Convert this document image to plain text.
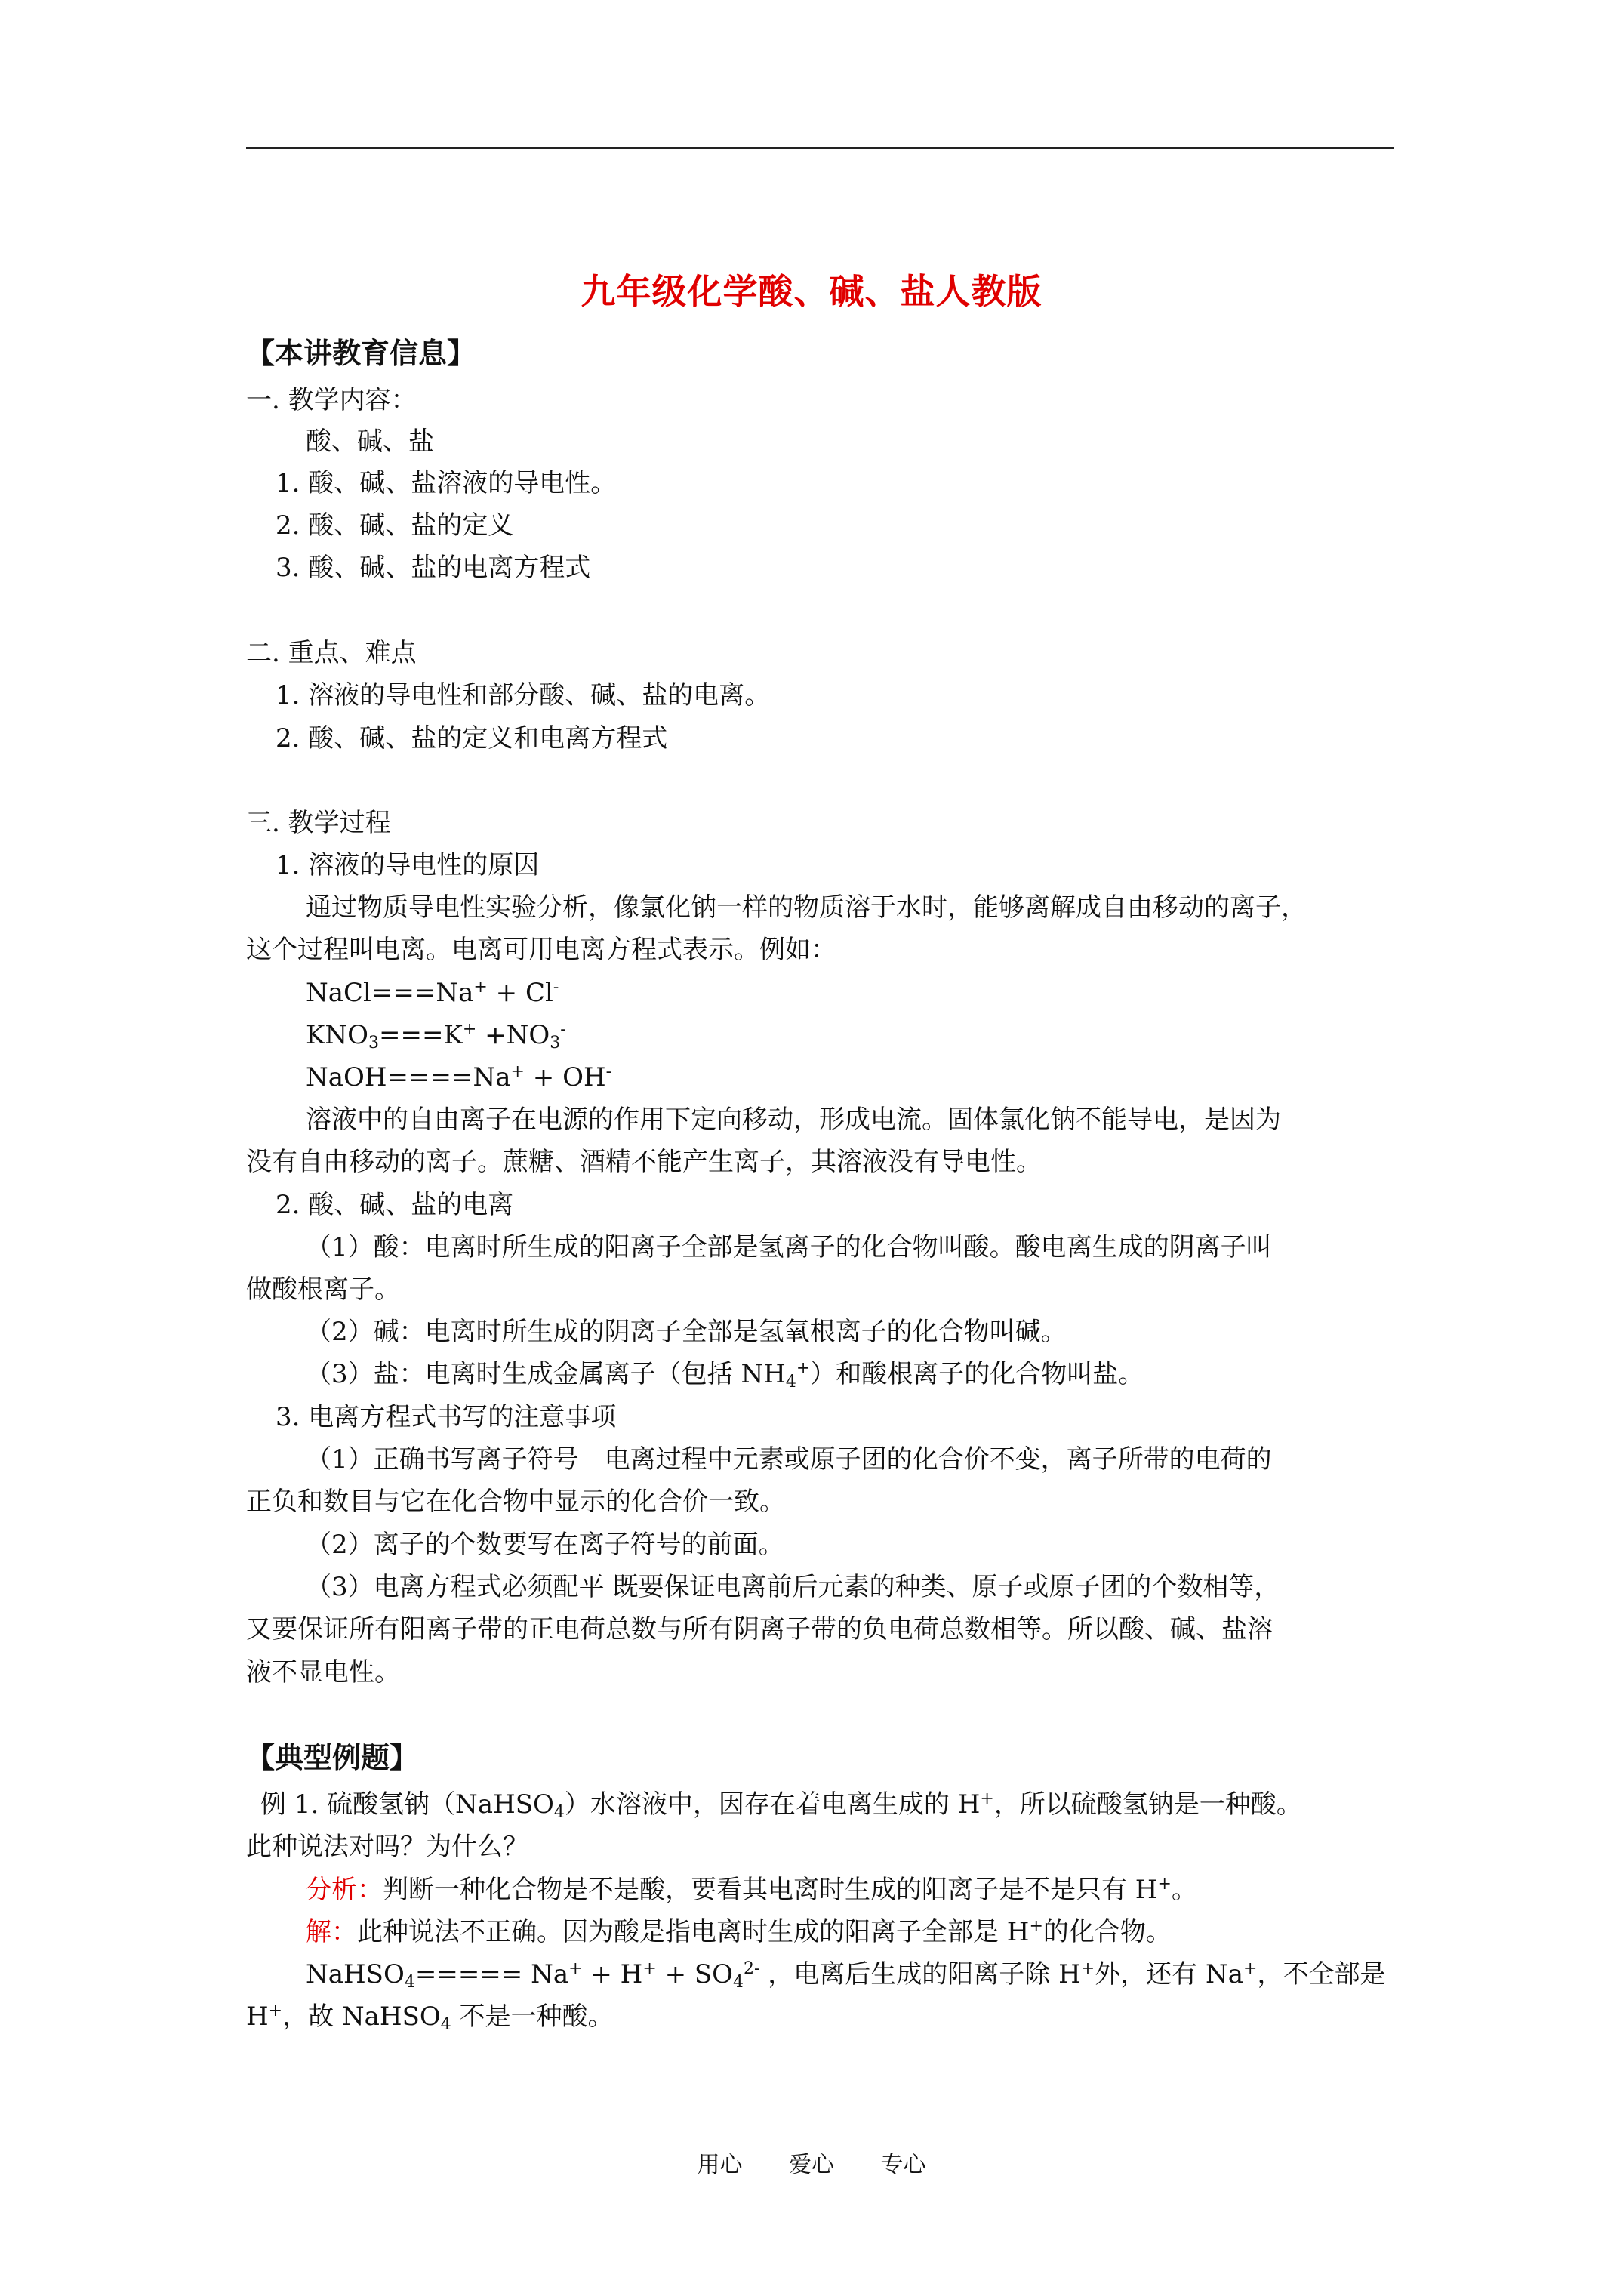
九年级化学酸、碱、盐人教版
【本讲教育信息】
一. 教学内容：
酸、碱、盐
1. 酸、碱、盐溶液的导电性。
2. 酸、碱、盐的定义
3. 酸、碱、盐的电离方程式
二. 重点、难点
1. 溶液的导电性和部分酸、碱、盐的电离。
2. 酸、碱、盐的定义和电离方程式
三. 教学过程
1. 溶液的导电性的原因
通过物质导电性实验分析，像氯化钠一样的物质溶于水时，能够离解成自由移动的离子，
这个过程叫电离。电离可用电离方程式表示。例如：
NaCl===Na+ + Cl-
$KNO_3===K^+ +NO_3^-$
NaOH====Na+ + OH-
溶液中的自由离子在电源的作用下定向移动，形成电流。固体氯化钠不能导电，是因为
没有自由移动的离子。蔗糖、酒精不能产生离子，其溶液没有导电性。
2. 酸、碱、盐的电离
（1）酸：电离时所生成的阳离子全部是氢离子的化合物叫酸。酸电离生成的阴离子叫
做酸根离子。
（2）碱：电离时所生成的阴离子全部是氢氧根离子的化合物叫碱。
（3）盐：电离时生成金属离子（包括 $NH_4^+$）和酸根离子的化合物叫盐。
3. 电离方程式书写的注意事项
（1）正确书写离子符号　电离过程中元素或原子团的化合价不变，离子所带的电荷的
正负和数目与它在化合物中显示的化合价一致。
（2）离子的个数要写在离子符号的前面。
（3）电离方程式必须配平 既要保证电离前后元素的种类、原子或原子团的个数相等，
又要保证所有阳离子带的正电荷总数与所有阴离子带的负电荷总数相等。所以酸、碱、盐溶
液不显电性。
【典型例题】
例 1. 硫酸氢钠（NaHSO$_4$）水溶液中，因存在着电离生成的 H+，所以硫酸氢钠是一种酸。
此种说法对吗？为什么？
分析：判断一种化合物是不是酸，要看其电离时生成的阳离子是不是只有 H+。
解：此种说法不正确。因为酸是指电离时生成的阳离子全部是 H+的化合物。
NaHSO$_4$===== $Na^+ + H^+ + SO_4^{2-}$ ，电离后生成的阳离子除 H+外，还有 Na+，不全部是
H+，故 NaHSO$_4$ 不是一种酸。
用心 爱心 专心
